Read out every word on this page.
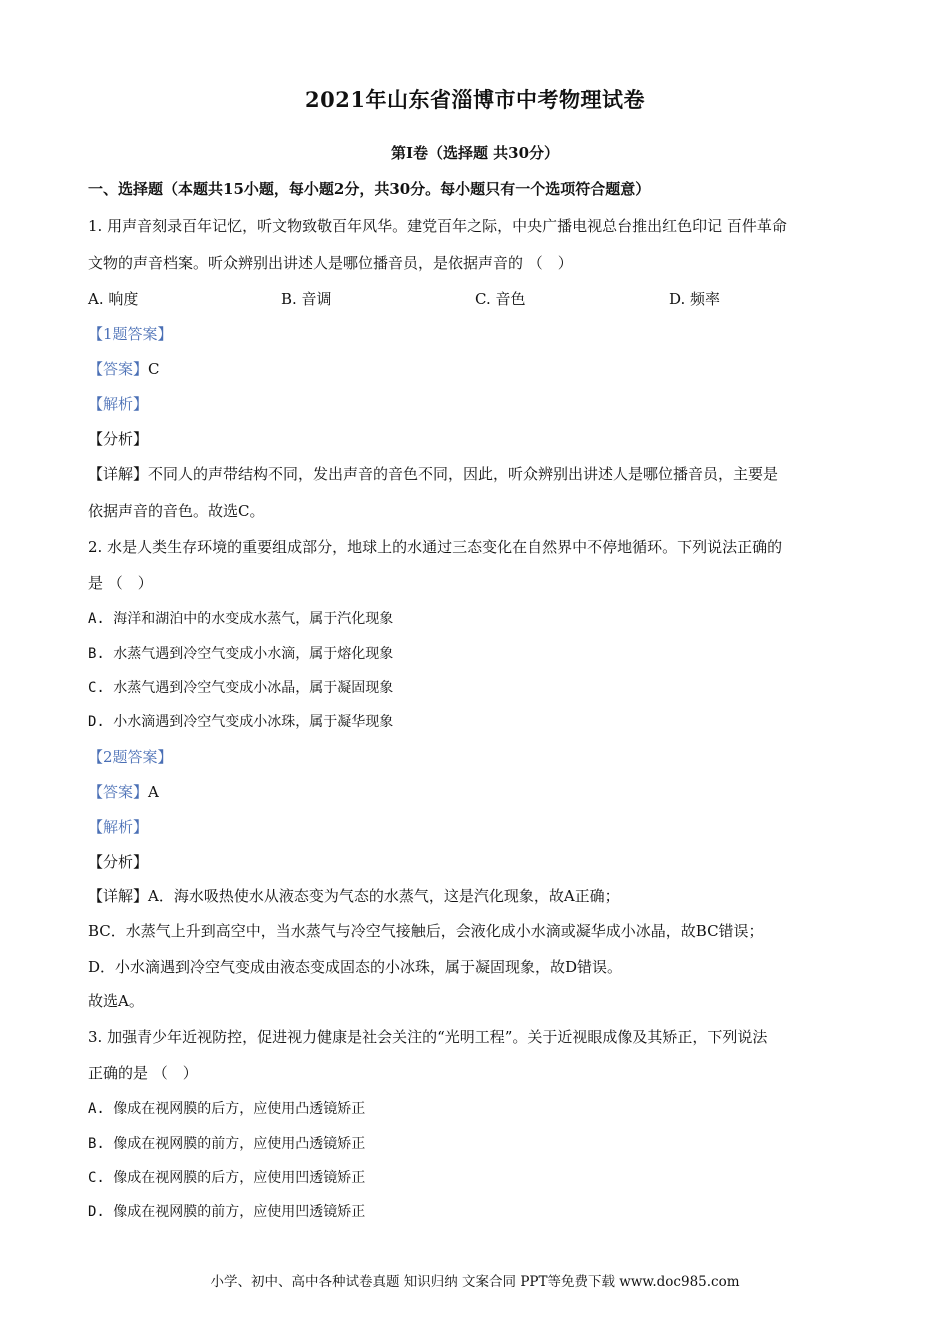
2021年山东省淄博市中考物理试卷
第I卷（选择题 共30分）
一、选择题（本题共15小题，每小题2分，共30分。每小题只有一个选项符合题意）
1. 用声音刻录百年记忆，听文物致敬百年风华。建党百年之际，中央广播电视总台推出红色印记 百件革命
文物的声音档案。听众辨别出讲述人是哪位播音员，是依据声音的 （　）
A. 响度	B. 音调	C. 音色	D. 频率
【1题答案】
【答案】C
【解析】
【分析】
【详解】不同人的声带结构不同，发出声音的音色不同，因此，听众辨别出讲述人是哪位播音员，主要是
依据声音的音色。故选C。
2. 水是人类生存环境的重要组成部分，地球上的水通过三态变化在自然界中不停地循环。下列说法正确的
是 （　）
A. 海洋和湖泊中的水变成水蒸气，属于汽化现象
B. 水蒸气遇到冷空气变成小水滴，属于熔化现象
C. 水蒸气遇到冷空气变成小冰晶，属于凝固现象
D. 小水滴遇到冷空气变成小冰珠，属于凝华现象
【2题答案】
【答案】A
【解析】
【分析】
【详解】A．海水吸热使水从液态变为气态的水蒸气，这是汽化现象，故A正确；
BC．水蒸气上升到高空中，当水蒸气与冷空气接触后，会液化成小水滴或凝华成小冰晶，故BC错误；
D．小水滴遇到冷空气变成由液态变成固态的小冰珠，属于凝固现象，故D错误。
故选A。
3. 加强青少年近视防控，促进视力健康是社会关注的“光明工程”。关于近视眼成像及其矫正，下列说法
正确的是 （　）
A. 像成在视网膜的后方，应使用凸透镜矫正
B. 像成在视网膜的前方，应使用凸透镜矫正
C. 像成在视网膜的后方，应使用凹透镜矫正
D. 像成在视网膜的前方，应使用凹透镜矫正
小学、初中、高中各种试卷真题 知识归纳 文案合同 PPT等免费下载 www.doc985.com
